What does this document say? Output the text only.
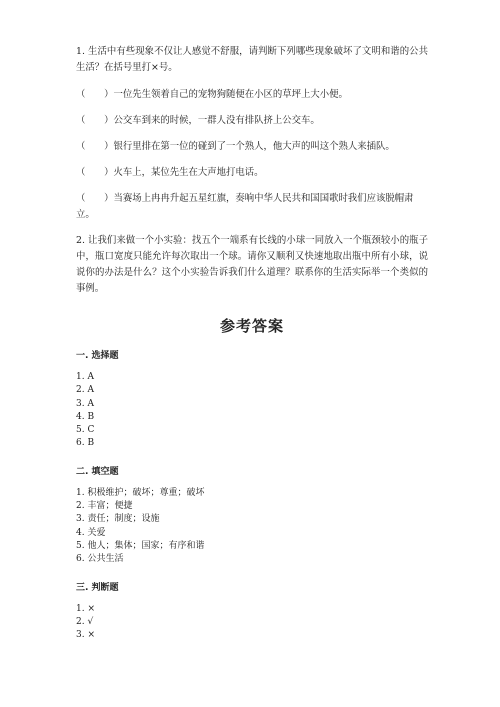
1. 生活中有些现象不仅让人感觉不舒服，请判断下列哪些现象破坏了文明和谐的公共生活？在括号里打×号。

（　　）一位先生领着自己的宠物狗随便在小区的草坪上大小便。

（　　）公交车到来的时候，一群人没有排队挤上公交车。

（　　）银行里排在第一位的碰到了一个熟人，他大声的叫这个熟人来插队。

（　　）火车上，某位先生在大声地打电话。

（　　）当赛场上冉冉升起五星红旗，奏响中华人民共和国国歌时我们应该脱帽肃立。

2. 让我们来做一个小实验：找五个一端系有长线的小球一同放入一个瓶颈较小的瓶子中，瓶口宽度只能允许每次取出一个球。请你又顺利又快速地取出瓶中所有小球，说说你的办法是什么？这个小实验告诉我们什么道理？联系你的生活实际举一个类似的事例。

参考答案
一. 选择题
1. A
2. A
3. A
4. B
5. C
6. B
二. 填空题
1. 积极维护；破坏；尊重；破坏
2. 丰富；便捷
3. 责任；制度；设施
4. 关爱
5. 他人；集体；国家；有序和谐
6. 公共生活
三. 判断题
1. ×
2. √
3. ×
